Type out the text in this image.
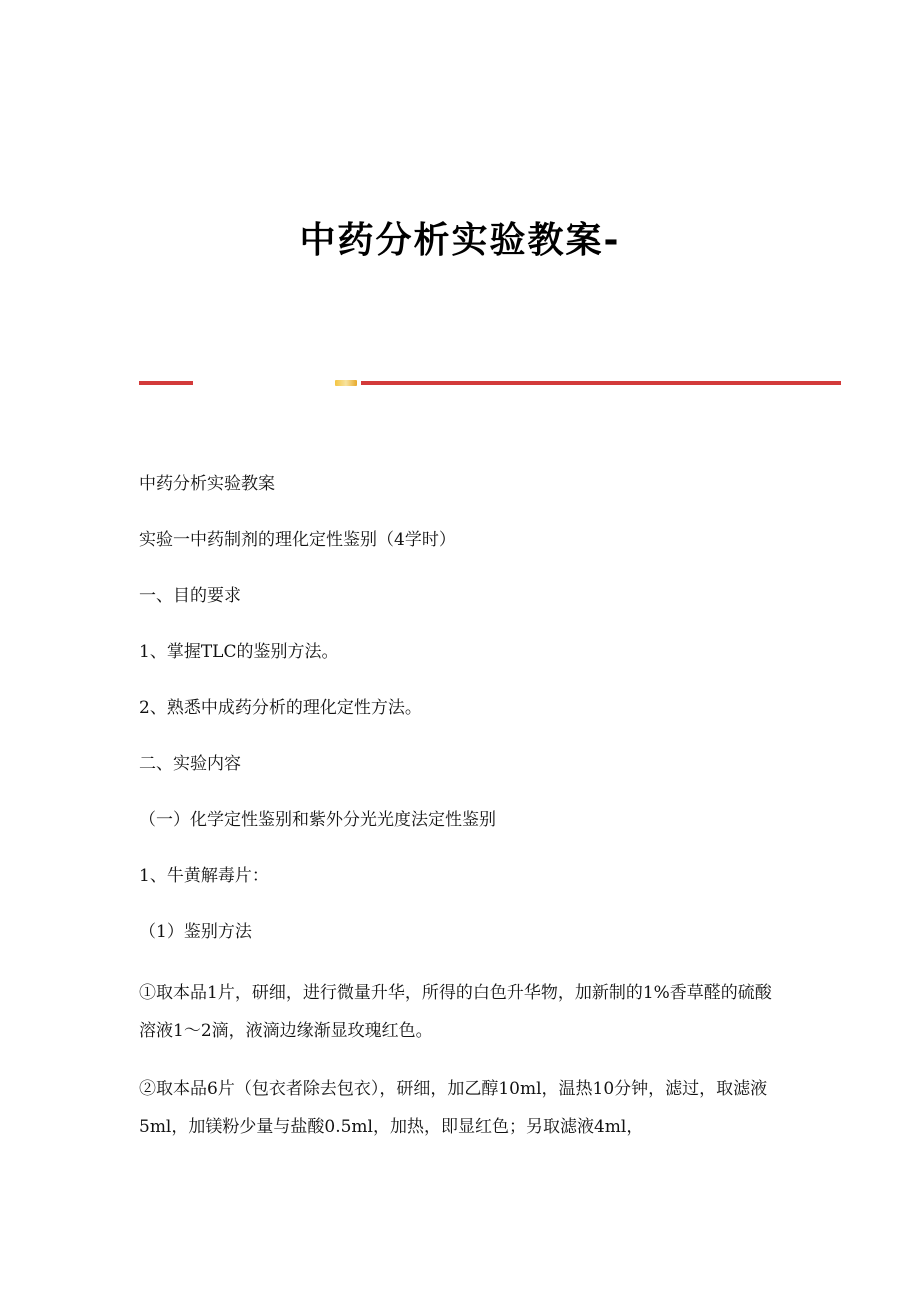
中药分析实验教案-

中药分析实验教案

实验一中药制剂的理化定性鉴别（4学时）

一、目的要求

1、掌握TLC的鉴别方法。

2、熟悉中成药分析的理化定性方法。

二、实验内容

（一）化学定性鉴别和紫外分光光度法定性鉴别

1、牛黄解毒片：

（1）鉴别方法

①取本品1片，研细，进行微量升华，所得的白色升华物，加新制的1%香草醛的硫酸溶液1～2滴，液滴边缘渐显玫瑰红色。

②取本品6片（包衣者除去包衣），研细，加乙醇10ml，温热10分钟，滤过，取滤液5ml，加镁粉少量与盐酸0.5ml，加热，即显红色；另取滤液4ml，
